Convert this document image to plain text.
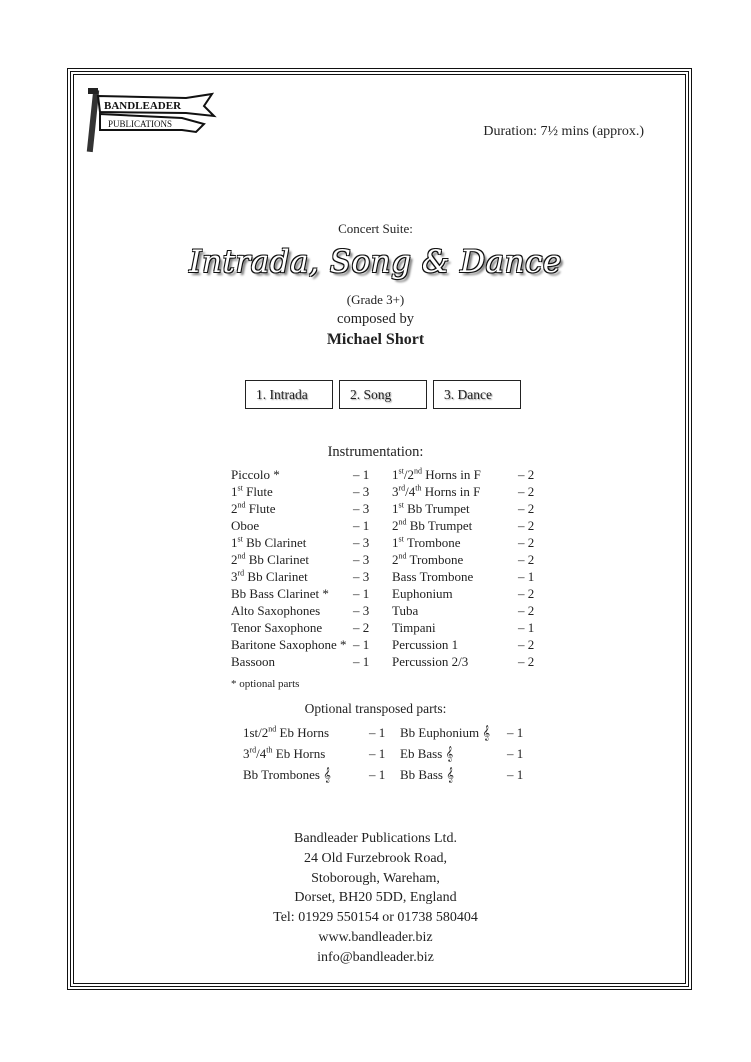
BANDLEADER
PUBLICATIONS	Duration: 7½ mins (approx.)
Concert Suite:
Intrada, Song & Dance
(Grade 3+)
composed by
Michael Short
1. Intrada	2. Song	3. Dance
Instrumentation:
Piccolo *	– 1
1st Flute	– 3
2nd Flute	– 3
Oboe	– 1
1st Bb Clarinet	– 3
2nd Bb Clarinet	– 3
3rd Bb Clarinet	– 3
Bb Bass Clarinet * – 1
Alto Saxophones	– 3
Tenor Saxophone – 2
Baritone Saxophone * – 1
Bassoon	– 1
1st/2nd Horns in F	– 2
3rd/4th Horns in F	– 2
1st Bb Trumpet	– 2
2nd Bb Trumpet	– 2
1st Trombone	– 2
2nd Trombone	– 2
Bass Trombone	– 1
Euphonium	– 2
Tuba	– 2
Timpani	– 1
Percussion 1	– 2
Percussion 2/3	– 2
* optional parts
Optional transposed parts:
1st/2nd Eb Horns	– 1
3rd/4th Eb Horns	– 1
Bb Trombones 𝄞	– 1
Bb Euphonium 𝄞 – 1
Eb Bass 𝄞	– 1
Bb Bass 𝄞	– 1
Bandleader Publications Ltd.
24 Old Furzebrook Road,
Stoborough, Wareham,
Dorset, BH20 5DD, England
Tel: 01929 550154 or 01738 580404
www.bandleader.biz
info@bandleader.biz
